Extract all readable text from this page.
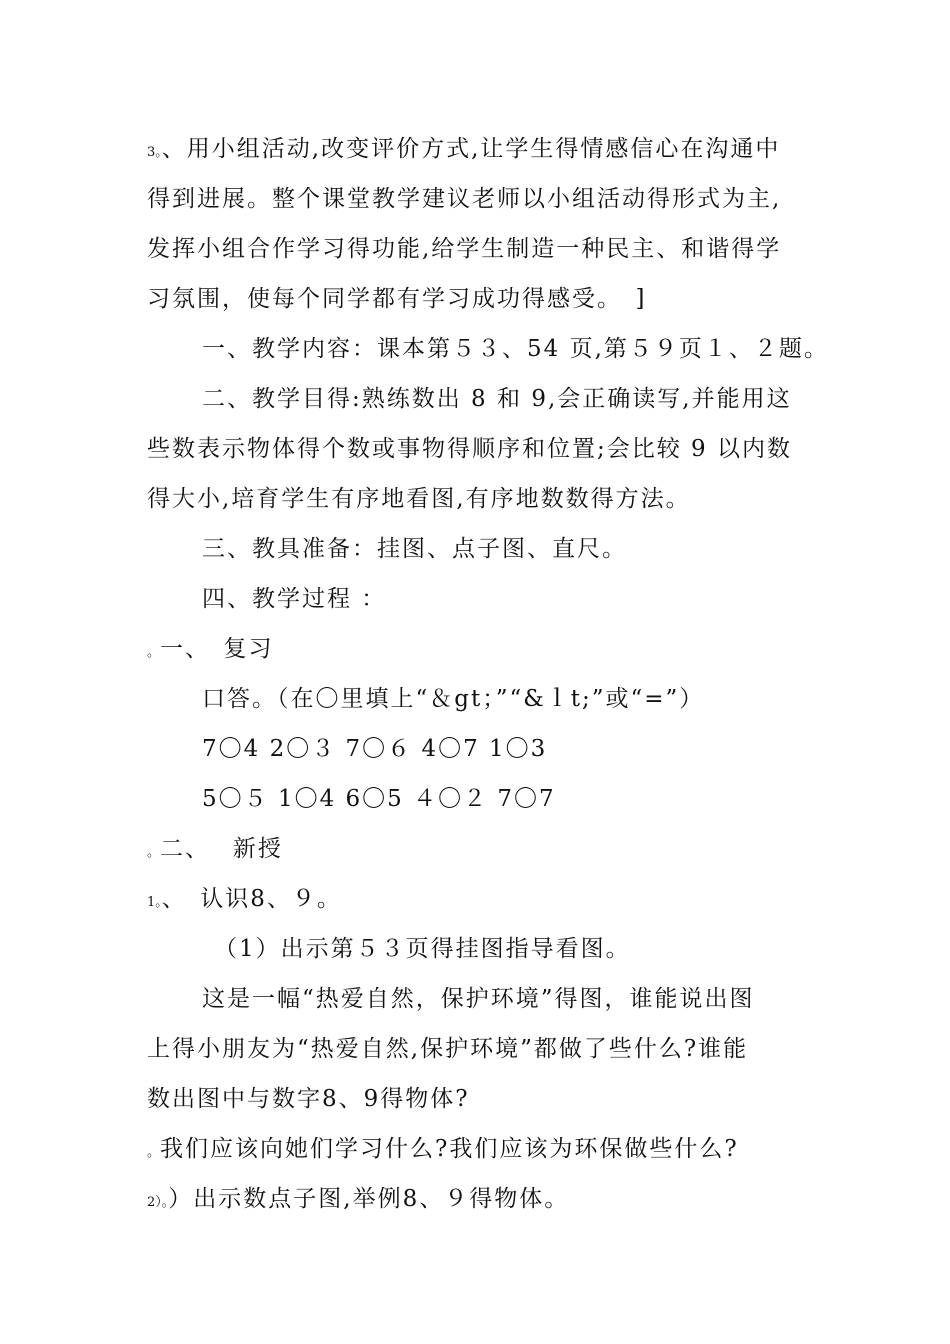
3。、用小组活动,改变评价方式,让学生得情感信心在沟通中
得到进展。整个课堂教学建议老师以小组活动得形式为主,
发挥小组合作学习得功能,给学生制造一种民主、和谐得学
习氛围，使每个同学都有学习成功得感受。　]
一、教学内容：课本第５３、54 页,第５９页１、２题。
二、教学目得:熟练数出 8 和 9,会正确读写,并能用这
些数表示物体得个数或事物得顺序和位置;会比较 9 以内数
得大小,培育学生有序地看图,有序地数数得方法。
三、教具准备：挂图、点子图、直尺。
四、教学过程 ：
。一、　复习
口答。（在〇里填上“＆gt；”“&ｌt;”或“=”）
7〇4 2〇３ 7〇６ 4〇7 1〇3
5〇５ 1〇4 6〇5 ４〇２ 7〇7
。二、　 新授
1。、　认识8、９。
（1）出示第５３页得挂图指导看图。
这是一幅“热爱自然，保护环境”得图，谁能说出图
上得小朋友为“热爱自然,保护环境”都做了些什么?谁能
数出图中与数字8、9得物体?
。我们应该向她们学习什么?我们应该为环保做些什么?
2）。）出示数点子图,举例8、９得物体。
